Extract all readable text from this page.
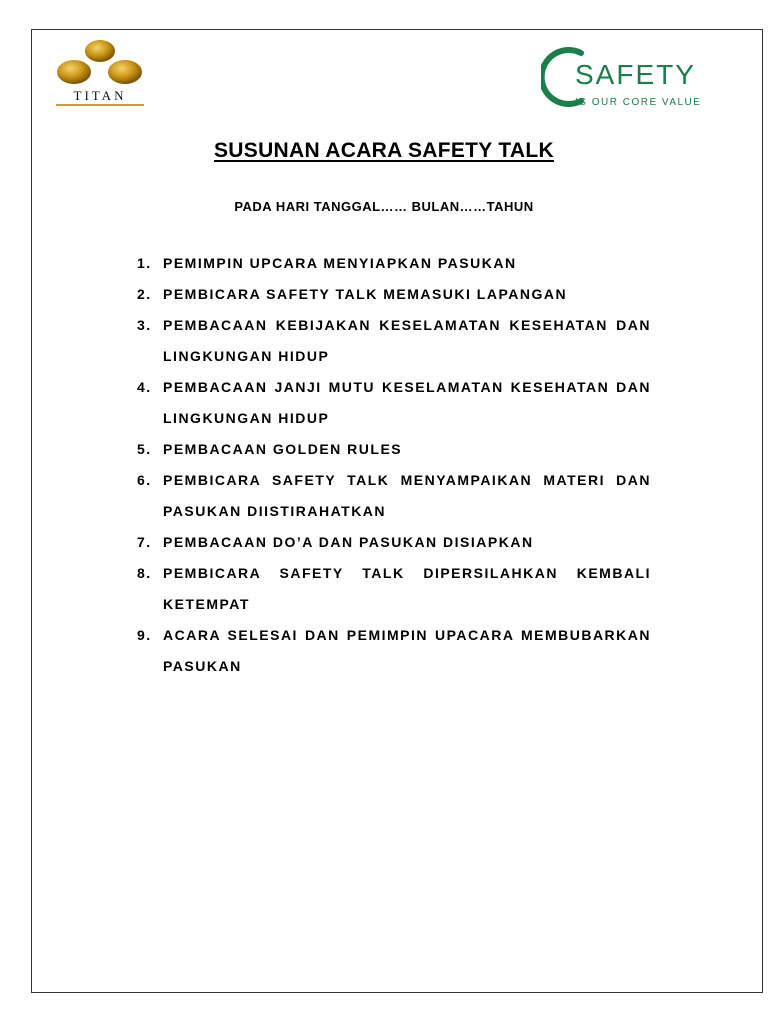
TITAN
SAFETY
IS OUR CORE VALUE
SUSUNAN ACARA SAFETY TALK
PADA HARI TANGGAL…… BULAN……TAHUN
1. PEMIMPIN UPCARA MENYIAPKAN PASUKAN
2. PEMBICARA SAFETY TALK MEMASUKI LAPANGAN
3. PEMBACAAN KEBIJAKAN KESELAMATAN KESEHATAN DAN LINGKUNGAN HIDUP
4. PEMBACAAN JANJI MUTU KESELAMATAN KESEHATAN DAN LINGKUNGAN HIDUP
5. PEMBACAAN GOLDEN RULES
6. PEMBICARA SAFETY TALK MENYAMPAIKAN MATERI DAN PASUKAN DIISTIRAHATKAN
7. PEMBACAAN DO’A DAN PASUKAN DISIAPKAN
8. PEMBICARA SAFETY TALK DIPERSILAHKAN KEMBALI KETEMPAT
9. ACARA SELESAI DAN PEMIMPIN UPACARA MEMBUBARKAN PASUKAN
